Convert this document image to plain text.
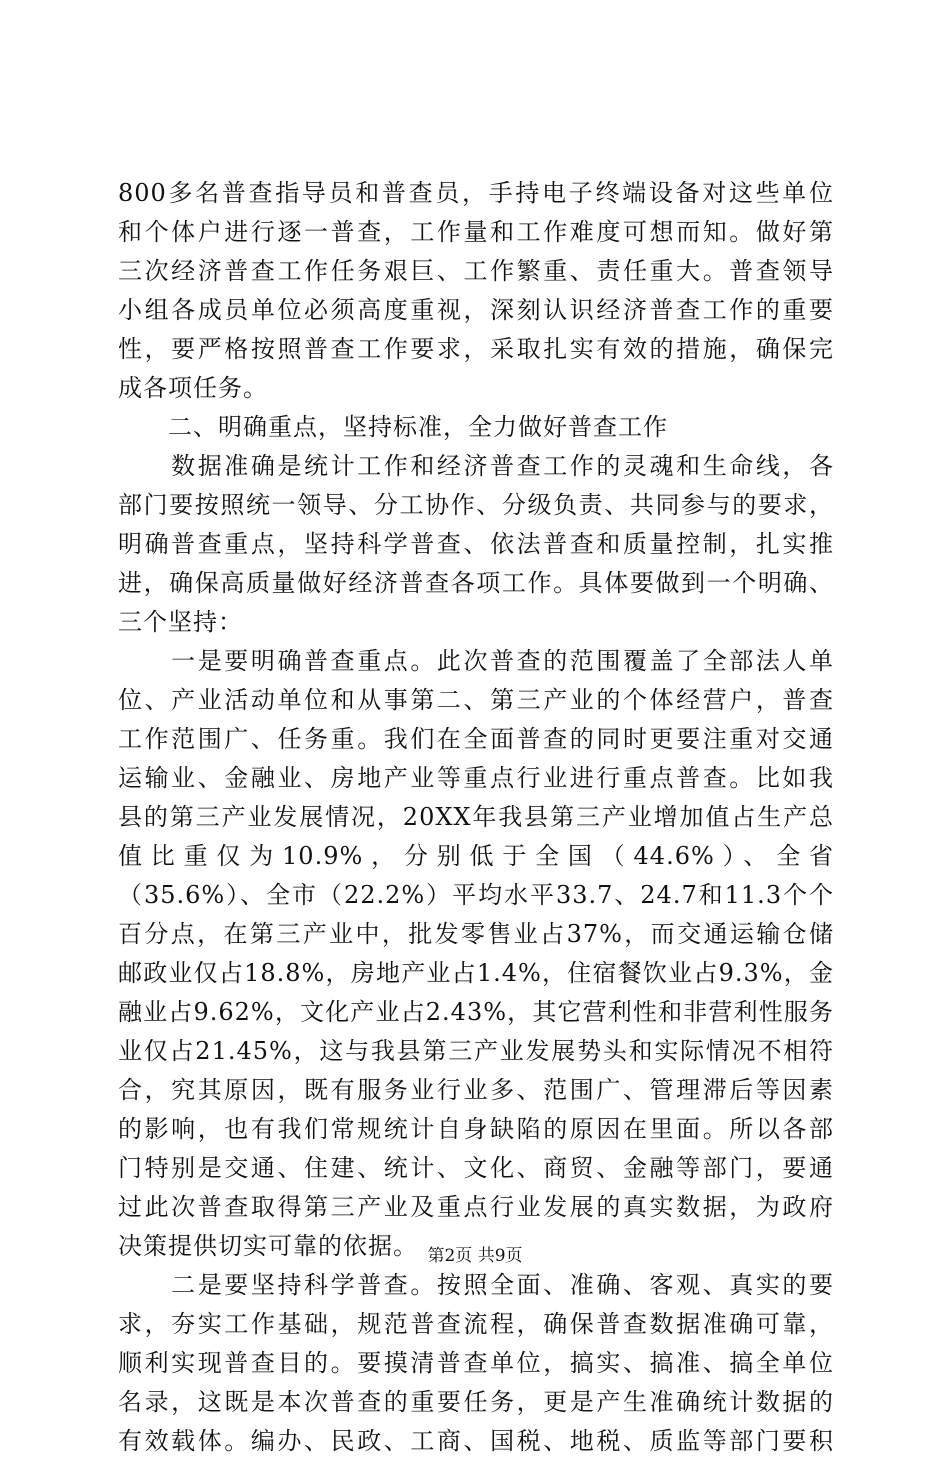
800多名普查指导员和普查员，手持电子终端设备对这些单位
和个体户进行逐一普查，工作量和工作难度可想而知。做好第
三次经济普查工作任务艰巨、工作繁重、责任重大。普查领导
小组各成员单位必须高度重视，深刻认识经济普查工作的重要
性，要严格按照普查工作要求，采取扎实有效的措施，确保完
成各项任务。
　　二、明确重点，坚持标准，全力做好普查工作
　　数据准确是统计工作和经济普查工作的灵魂和生命线，各
部门要按照统一领导、分工协作、分级负责、共同参与的要求，
明确普查重点，坚持科学普查、依法普查和质量控制，扎实推
进，确保高质量做好经济普查各项工作。具体要做到一个明确、
三个坚持：
　　一是要明确普查重点。此次普查的范围覆盖了全部法人单
位、产业活动单位和从事第二、第三产业的个体经营户，普查
工作范围广、任务重。我们在全面普查的同时更要注重对交通
运输业、金融业、房地产业等重点行业进行重点普查。比如我
县的第三产业发展情况，20XX年我县第三产业增加值占生产总
值比重仅为10.9%，分别低于全国（44.6%）、全省
（35.6%）、全市（22.2%）平均水平33.7、24.7和11.3个个
百分点，在第三产业中，批发零售业占37%，而交通运输仓储
邮政业仅占18.8%，房地产业占1.4%，住宿餐饮业占9.3%，金
融业占9.62%，文化产业占2.43%，其它营利性和非营利性服务
业仅占21.45%，这与我县第三产业发展势头和实际情况不相符
合，究其原因，既有服务业行业多、范围广、管理滞后等因素
的影响，也有我们常规统计自身缺陷的原因在里面。所以各部
门特别是交通、住建、统计、文化、商贸、金融等部门，要通
过此次普查取得第三产业及重点行业发展的真实数据，为政府
决策提供切实可靠的依据。
　　二是要坚持科学普查。按照全面、准确、客观、真实的要
求，夯实工作基础，规范普查流程，确保普查数据准确可靠，
顺利实现普查目的。要摸清普查单位，搞实、搞准、搞全单位
名录，这既是本次普查的重要任务，更是产生准确统计数据的
有效载体。编办、民政、工商、国税、地税、质监等部门要积
第2页 共9页
